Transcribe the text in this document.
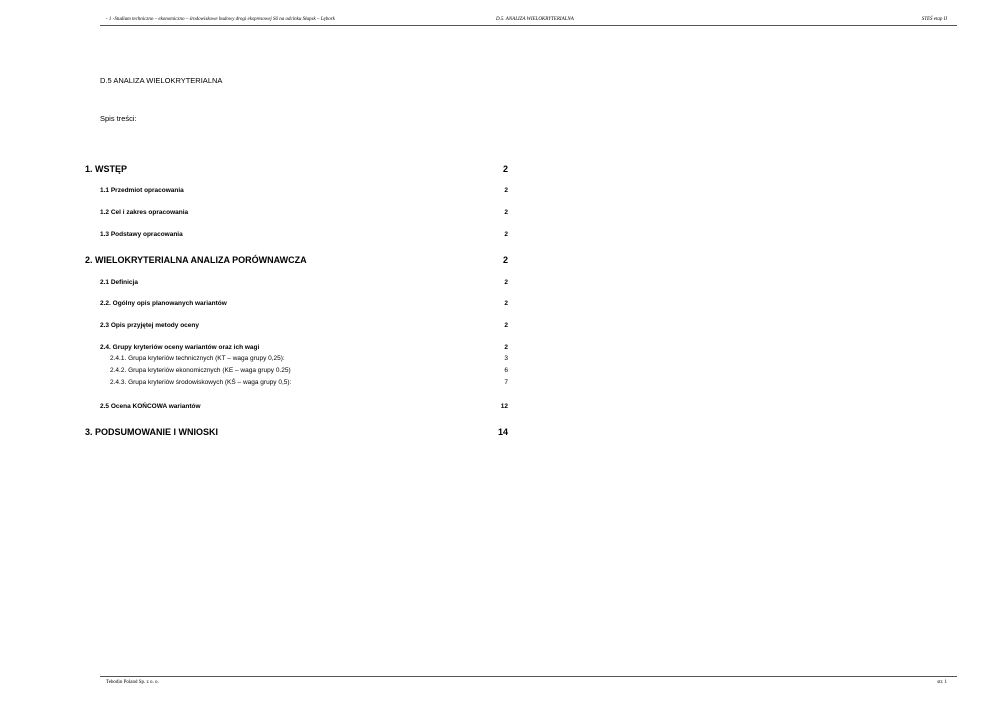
- 1 -Studium techniczno – ekonomiczno – środowiskowe budowy drogi ekspresowej S6 na odcinku Słupsk – Lębork	D.5. ANALIZA WIELOKRYTERIALNA	STEŚ etap II
D.5 ANALIZA WIELOKRYTERIALNA
Spis treści:
1. WSTĘP	2
1.1 Przedmiot opracowania	2
1.2 Cel i zakres opracowania	2
1.3 Podstawy opracowania	2
2. WIELOKRYTERIALNA ANALIZA PORÓWNAWCZA	2
2.1 Definicja	2
2.2. Ogólny opis planowanych wariantów	2
2.3 Opis przyjętej metody oceny	2
2.4. Grupy kryteriów oceny wariantów oraz ich wagi	2
2.4.1. Grupa kryteriów technicznych (KT – waga grupy 0,25):	3
2.4.2. Grupa kryteriów ekonomicznych (KE – waga grupy 0.25)	6
2.4.3. Grupa kryteriów środowiskowych (KŚ – waga grupy 0,5):	7
2.5 Ocena KOŃCOWA wariantów	12
3. PODSUMOWANIE I WNIOSKI	14
Tebodin Poland Sp. z o. o.	str. 1
